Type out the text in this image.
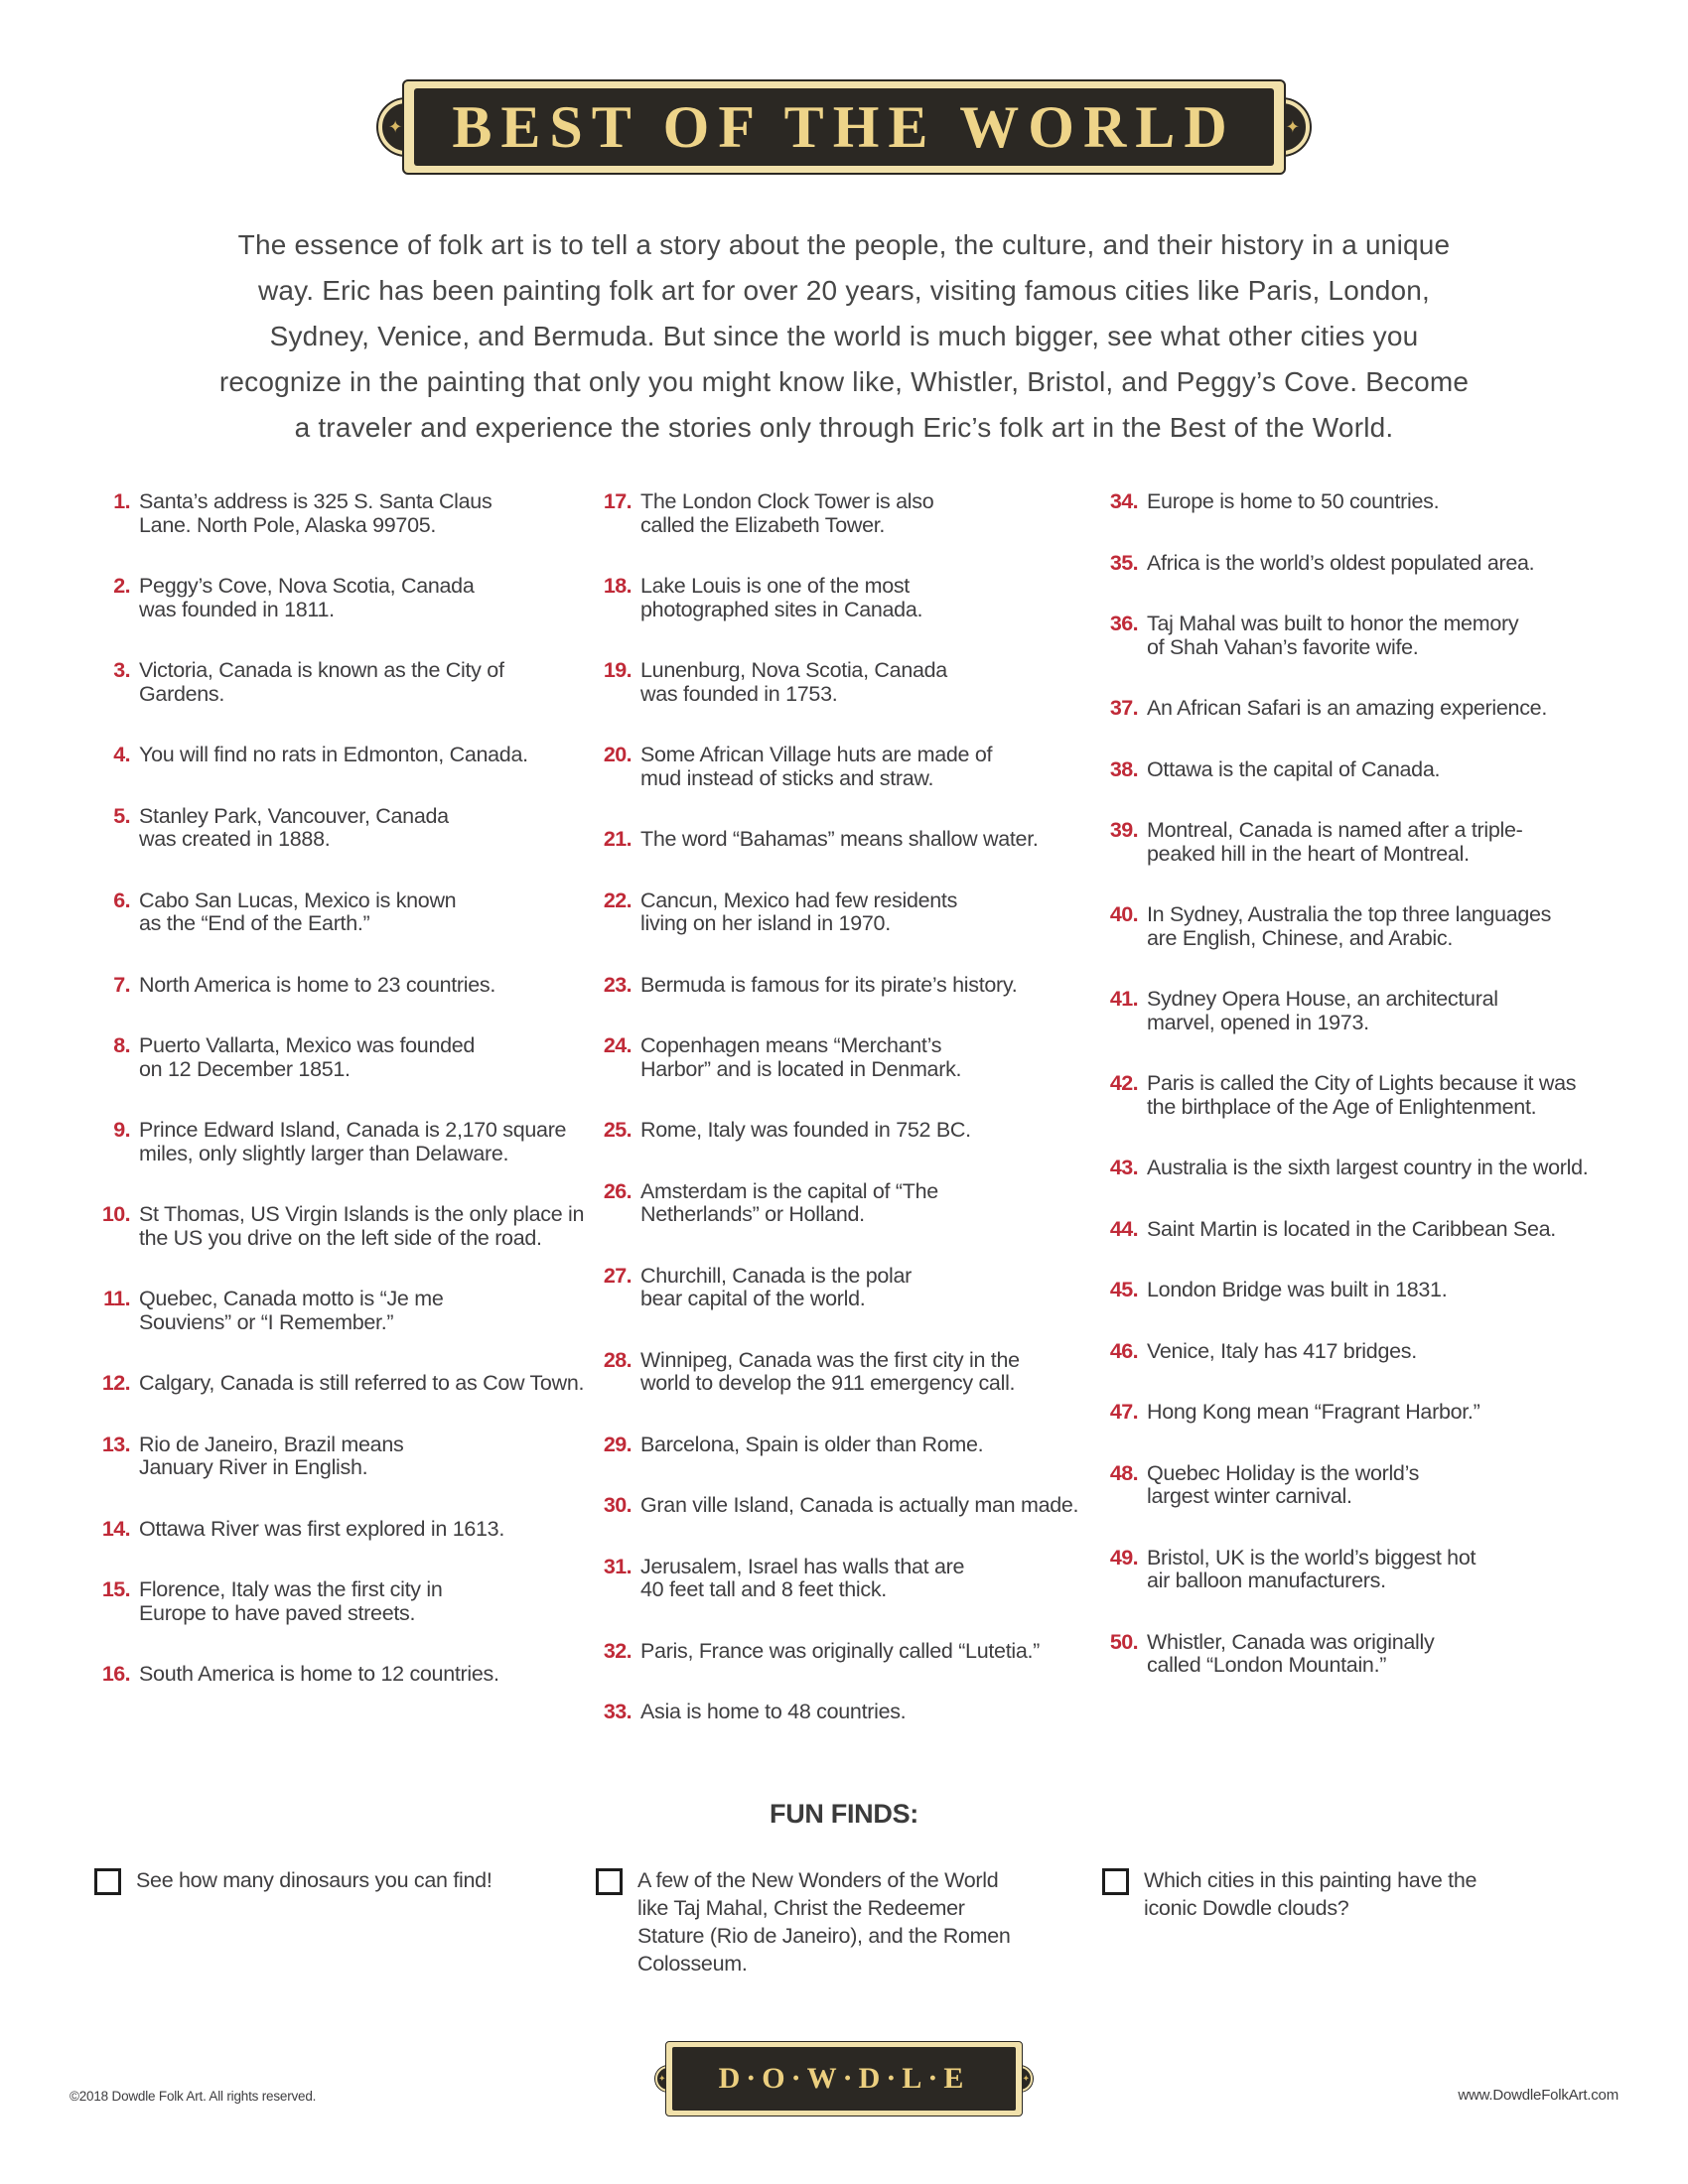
BEST OF THE WORLD
✦	✦
The essence of folk art is to tell a story about the people, the culture, and their history in a unique
way. Eric has been painting folk art for over 20 years, visiting famous cities like Paris, London,
Sydney, Venice, and Bermuda. But since the world is much bigger, see what other cities you
recognize in the painting that only you might know like, Whistler, Bristol, and Peggy’s Cove. Become
a traveler and experience the stories only through Eric’s folk art in the Best of the World.
1. Santa’s address is 325 S. Santa Claus
Lane. North Pole, Alaska 99705.
2. Peggy’s Cove, Nova Scotia, Canada
was founded in 1811.
3. Victoria, Canada is known as the City of Gardens.
4. You will find no rats in Edmonton, Canada.
5. Stanley Park, Vancouver, Canada
was created in 1888.
6. Cabo San Lucas, Mexico is known
as the “End of the Earth.”
7. North America is home to 23 countries.
8. Puerto Vallarta, Mexico was founded
on 12 December 1851.
9. Prince Edward Island, Canada is 2,170 square
miles, only slightly larger than Delaware.
10. St Thomas, US Virgin Islands is the only place in
the US you drive on the left side of the road.
11. Quebec, Canada motto is “Je me
Souviens” or “I Remember.”
12. Calgary, Canada is still referred to as Cow Town.
13. Rio de Janeiro, Brazil means
January River in English.
14. Ottawa River was first explored in 1613.
15. Florence, Italy was the first city in
Europe to have paved streets.
16. South America is home to 12 countries.
17. The London Clock Tower is also
called the Elizabeth Tower.
18. Lake Louis is one of the most
photographed sites in Canada.
19. Lunenburg, Nova Scotia, Canada
was founded in 1753.
20. Some African Village huts are made of
mud instead of sticks and straw.
21. The word “Bahamas” means shallow water.
22. Cancun, Mexico had few residents
living on her island in 1970.
23. Bermuda is famous for its pirate’s history.
24. Copenhagen means “Merchant’s
Harbor” and is located in Denmark.
25. Rome, Italy was founded in 752 BC.
26. Amsterdam is the capital of “The
Netherlands” or Holland.
27. Churchill, Canada is the polar
bear capital of the world.
28. Winnipeg, Canada was the first city in the
world to develop the 911 emergency call.
29. Barcelona, Spain is older than Rome.
30. Gran ville Island, Canada is actually man made.
31. Jerusalem, Israel has walls that are
40 feet tall and 8 feet thick.
32. Paris, France was originally called “Lutetia.”
33. Asia is home to 48 countries.
34. Europe is home to 50 countries.
35. Africa is the world’s oldest populated area.
36. Taj Mahal was built to honor the memory
of Shah Vahan’s favorite wife.
37. An African Safari is an amazing experience.
38. Ottawa is the capital of Canada.
39. Montreal, Canada is named after a triple-
peaked hill in the heart of Montreal.
40. In Sydney, Australia the top three languages
are English, Chinese, and Arabic.
41. Sydney Opera House, an architectural
marvel, opened in 1973.
42. Paris is called the City of Lights because it was
the birthplace of the Age of Enlightenment.
43. Australia is the sixth largest country in the world.
44. Saint Martin is located in the Caribbean Sea.
45. London Bridge was built in 1831.
46. Venice, Italy has 417 bridges.
47. Hong Kong mean “Fragrant Harbor.”
48. Quebec Holiday is the world’s
largest winter carnival.
49. Bristol, UK is the world’s biggest hot
air balloon manufacturers.
50. Whistler, Canada was originally
called “London Mountain.”
FUN FINDS:
See how many dinosaurs you can find!	A few of the New Wonders of the World
like Taj Mahal, Christ the Redeemer
Stature (Rio de Janeiro), and the Romen
Colosseum.
Which cities in this painting have the
iconic Dowdle clouds?
©2018 Dowdle Folk Art. All rights reserved.
D·O·W·D·L·E
✦	✦
www.DowdleFolkArt.com
